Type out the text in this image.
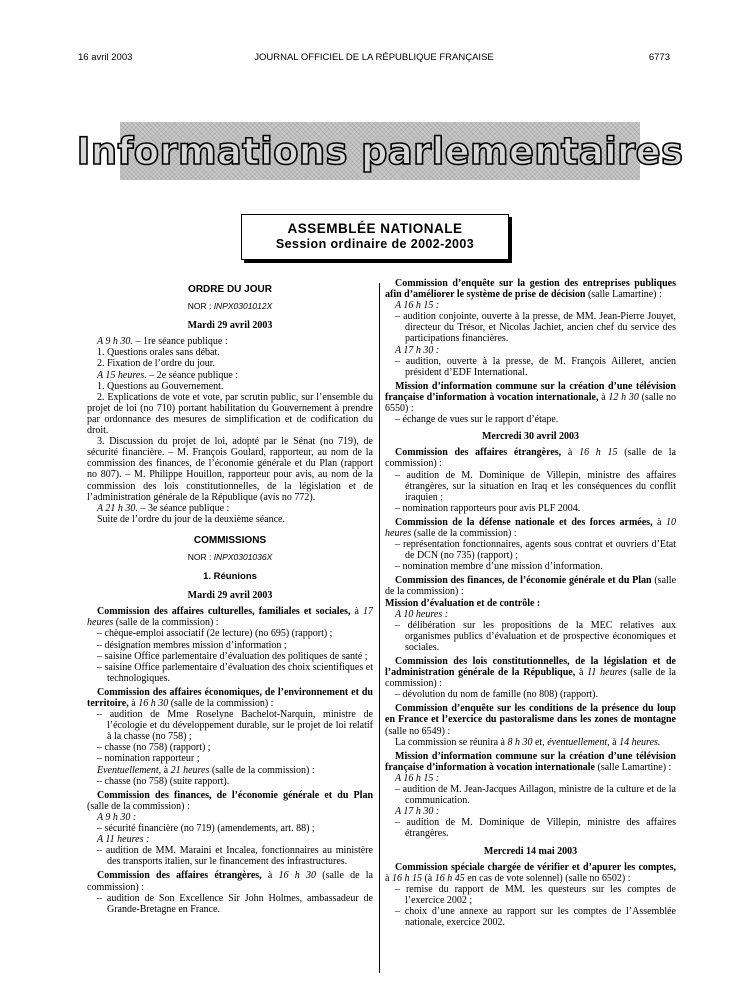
16 avril 2003	JOURNAL OFFICIEL DE LA RÉPUBLIQUE FRANÇAISE	6773
Informations parlementaires
ASSEMBLÉE NATIONALE
Session ordinaire de 2002-2003
ORDRE DU JOUR
NOR : INPX0301012X
Mardi 29 avril 2003

A 9 h 30. – 1re séance publique :

1. Questions orales sans débat.

2. Fixation de l’ordre du jour.

A 15 heures. – 2e séance publique :

1. Questions au Gouvernement.

2. Explications de vote et vote, par scrutin public, sur l’ensemble du projet de loi (no 710) portant habilitation du Gouvernement à prendre par ordonnance des mesures de simplification et de codification du droit.

3. Discussion du projet de loi, adopté par le Sénat (no 719), de sécurité financière. – M. François Goulard, rapporteur, au nom de la commission des finances, de l’économie générale et du Plan (rapport no 807). – M. Philippe Houillon, rapporteur pour avis, au nom de la commission des lois constitutionnelles, de la législation et de l’administration générale de la République (avis no 772).

A 21 h 30. – 3e séance publique :

Suite de l’ordre du jour de la deuxième séance.

COMMISSIONS
NOR : INPX0301036X
1. Réunions
Mardi 29 avril 2003

Commission des affaires culturelles, familiales et sociales, à 17 heures (salle de la commission) :

– chèque-emploi associatif (2e lecture) (no 695) (rapport) ;

– désignation membres mission d’information ;

– saisine Office parlementaire d’évaluation des politiques de santé ;

– saisine Office parlementaire d’évaluation des choix scientifiques et technologiques.

Commission des affaires économiques, de l’environnement et du territoire, à 16 h 30 (salle de la commission) :

– audition de Mme Roselyne Bachelot-Narquin, ministre de l’écologie et du développement durable, sur le projet de loi relatif à la chasse (no 758) ;

– chasse (no 758) (rapport) ;

– nomination rapporteur ;

Eventuellement, à 21 heures (salle de la commission) :

– chasse (no 758) (suite rapport).

Commission des finances, de l’économie générale et du Plan (salle de la commission) :

A 9 h 30 :

– sécurité financière (no 719) (amendements, art. 88) ;

A 11 heures :

– audition de MM. Maraini et Incalea, fonctionnaires au ministère des transports italien, sur le financement des infrastructures.

Commission des affaires étrangères, à 16 h 30 (salle de la commission) :

– audition de Son Excellence Sir John Holmes, ambassadeur de Grande-Bretagne en France.

Commission d’enquête sur la gestion des entreprises publiques afin d’améliorer le système de prise de décision (salle Lamartine) :

A 16 h 15 :

– audition conjointe, ouverte à la presse, de MM. Jean-Pierre Jouyet, directeur du Trésor, et Nicolas Jachiet, ancien chef du service des participations financières.

A 17 h 30 :

– audition, ouverte à la presse, de M. François Ailleret, ancien président d’EDF International.

Mission d’information commune sur la création d’une télévision française d’information à vocation internationale, à 12 h 30 (salle no 6550) :

– échange de vues sur le rapport d’étape.

Mercredi 30 avril 2003

Commission des affaires étrangères, à 16 h 15 (salle de la commission) :

– audition de M. Dominique de Villepin, ministre des affaires étrangères, sur la situation en Iraq et les conséquences du conflit iraquien ;

– nomination rapporteurs pour avis PLF 2004.

Commission de la défense nationale et des forces armées, à 10 heures (salle de la commission) :

– représentation fonctionnaires, agents sous contrat et ouvriers d’Etat de DCN (no 735) (rapport) ;

– nomination membre d’une mission d’information.

Commission des finances, de l’économie générale et du Plan (salle de la commission) :

Mission d’évaluation et de contrôle :

A 10 heures :

– délibération sur les propositions de la MEC relatives aux organismes publics d’évaluation et de prospective économiques et sociales.

Commission des lois constitutionnelles, de la législation et de l’administration générale de la République, à 11 heures (salle de la commission) :

– dévolution du nom de famille (no 808) (rapport).

Commission d’enquête sur les conditions de la présence du loup en France et l’exercice du pastoralisme dans les zones de montagne (salle no 6549) :

La commission se réunira à 8 h 30 et, éventuellement, à 14 heures.

Mission d’information commune sur la création d’une télévision française d’information à vocation internationale (salle Lamartine) :

A 16 h 15 :

– audition de M. Jean-Jacques Aillagon, ministre de la culture et de la communication.

A 17 h 30 :

– audition de M. Dominique de Villepin, ministre des affaires étrangères.

Mercredi 14 mai 2003

Commission spéciale chargée de vérifier et d’apurer les comptes, à 16 h 15 (à 16 h 45 en cas de vote solennel) (salle no 6502) :

– remise du rapport de MM. les questeurs sur les comptes de l’exercice 2002 ;

– choix d’une annexe au rapport sur les comptes de l’Assemblée nationale, exercice 2002.
